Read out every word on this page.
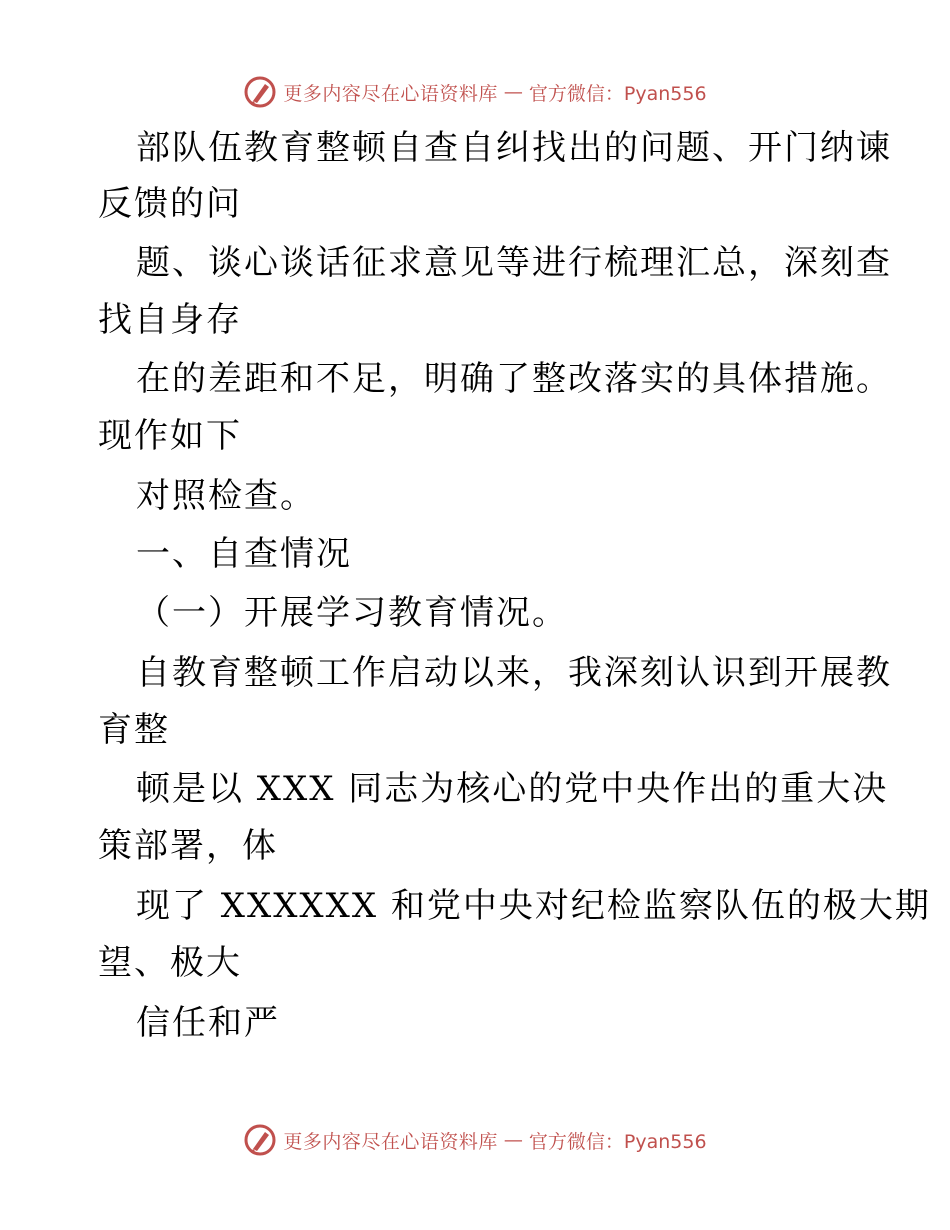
更多内容尽在心语资料库 — 官方微信：Pyan556
部队伍教育整顿自查自纠找出的问题、开门纳谏
反馈的问
题、谈心谈话征求意见等进行梳理汇总，深刻查
找自身存
在的差距和不足，明确了整改落实的具体措施。
现作如下
对照检查。
一、自查情况
（一）开展学习教育情况。
自教育整顿工作启动以来，我深刻认识到开展教
育整
顿是以 XXX 同志为核心的党中央作出的重大决
策部署，体
现了 XXXXXX 和党中央对纪检监察队伍的极大期
望、极大
信任和严
更多内容尽在心语资料库 — 官方微信：Pyan556
